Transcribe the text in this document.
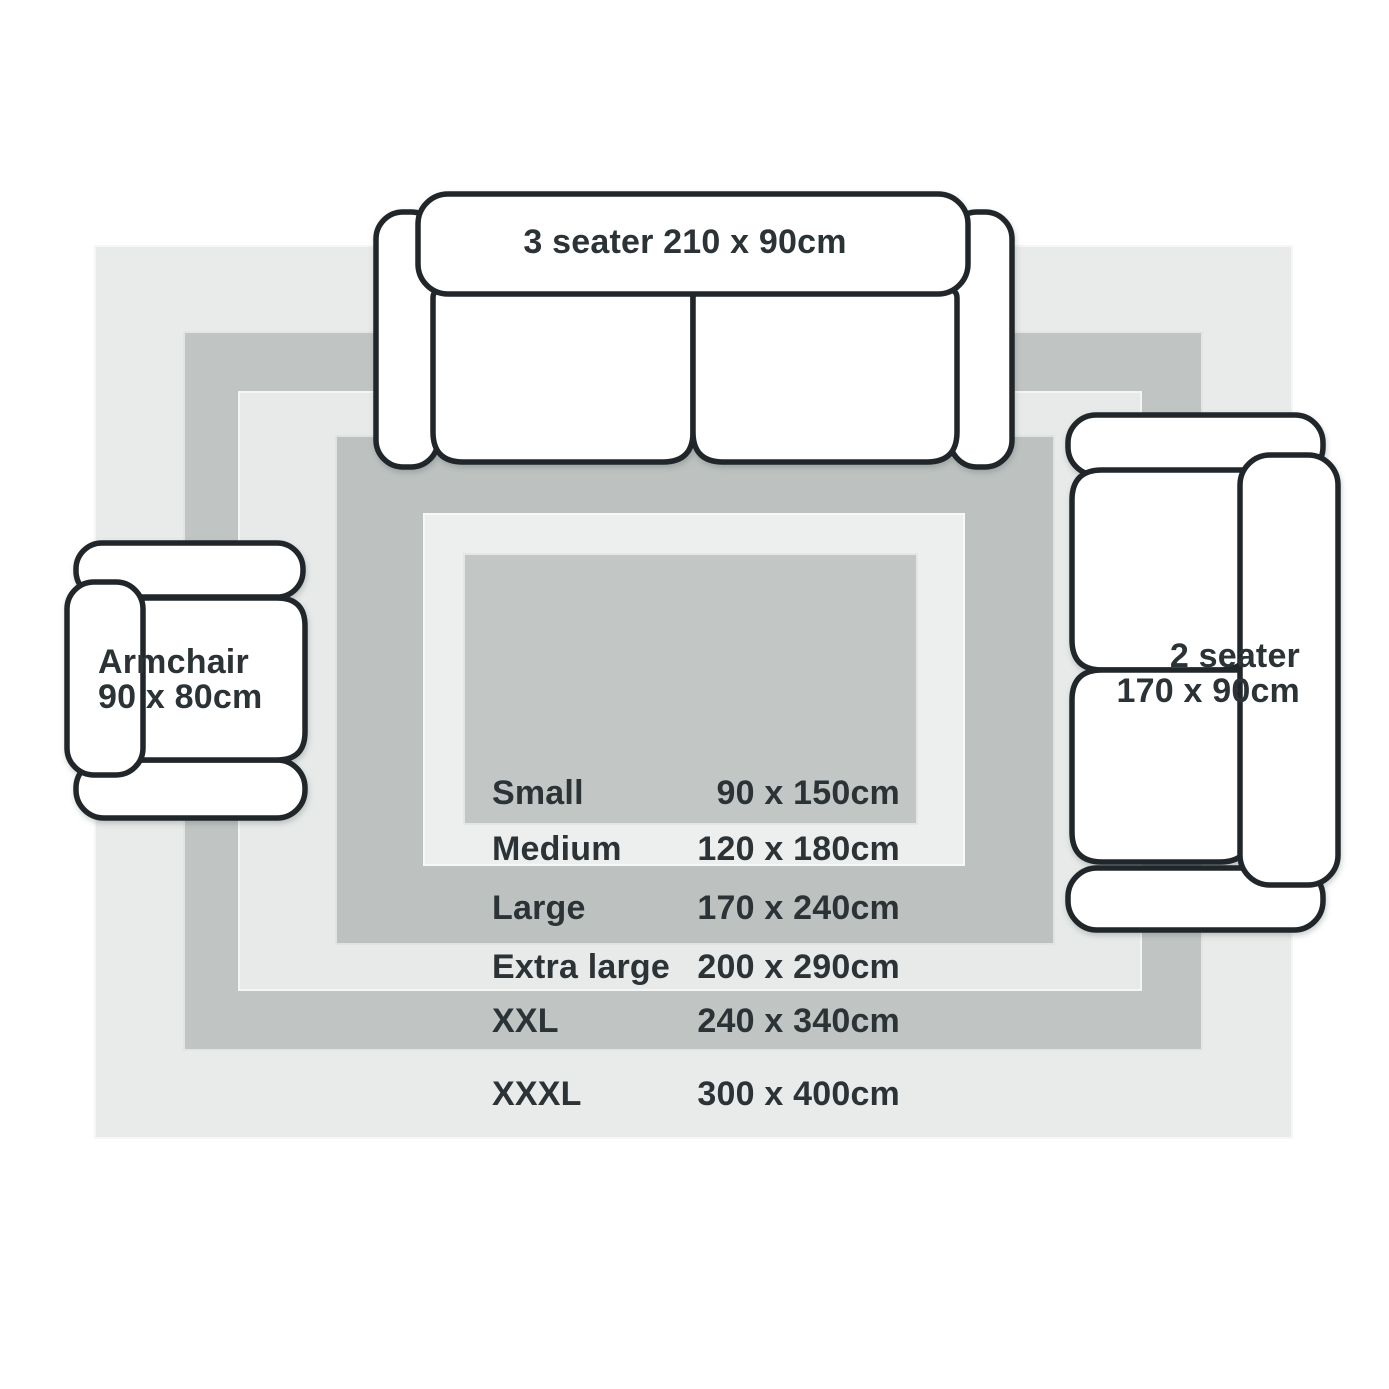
Small	90 x 150cm
Medium 120 x 180cm
Large	170 x 240cm
Extra large 200 x 290cm
XXL	240 x 340cm
XXXL	300 x 400cm
3 seater 210 x 90cm
Armchair
90 x 80cm
2 seater
170 x 90cm
